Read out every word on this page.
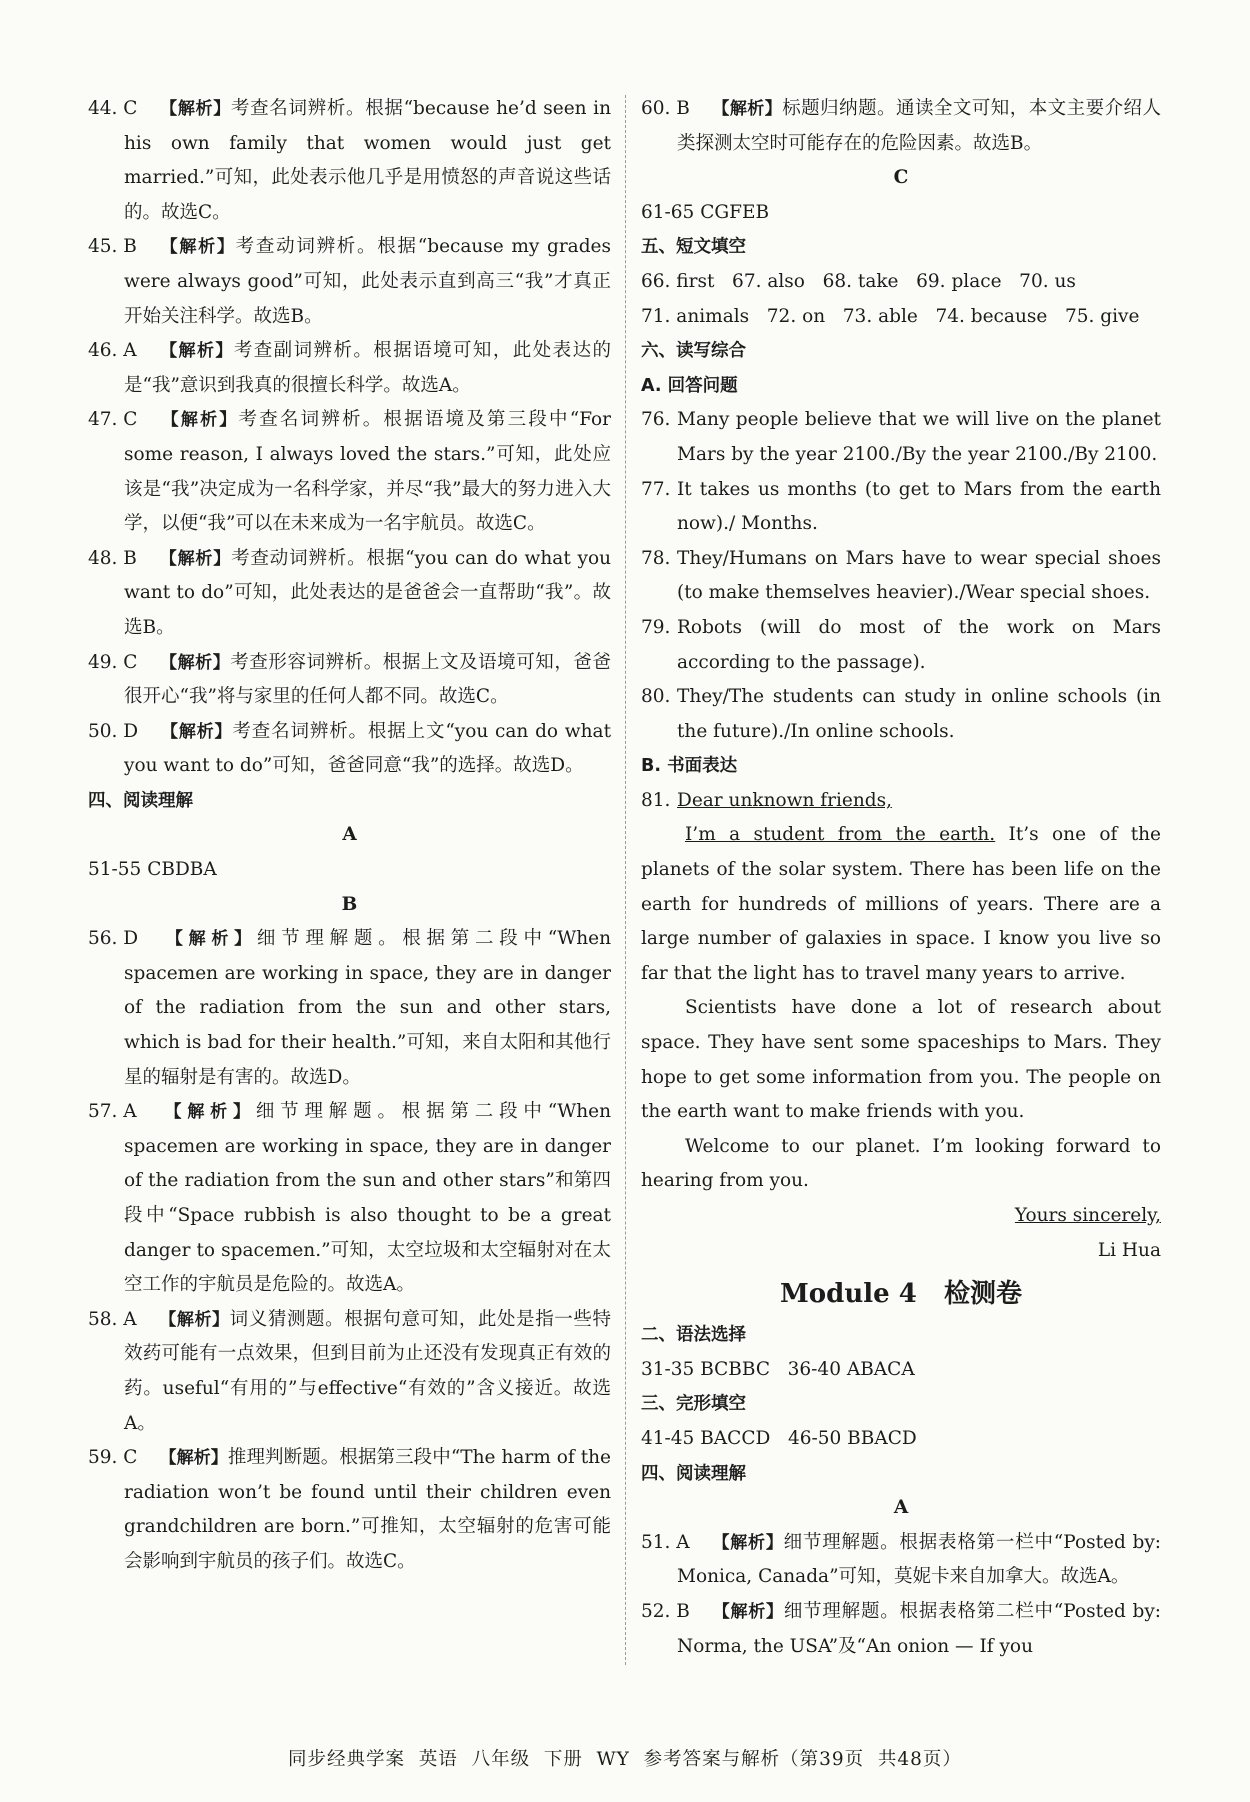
44. C 【解析】考查名词辨析。根据“because he’d seen in his own family that women would just get married.”可知，此处表示他几乎是用愤怒的声音说这些话的。故选C。
45. B 【解析】考查动词辨析。根据“because my grades were always good”可知，此处表示直到高三“我”才真正开始关注科学。故选B。
46. A 【解析】考查副词辨析。根据语境可知，此处表达的是“我”意识到我真的很擅长科学。故选A。
47. C 【解析】考查名词辨析。根据语境及第三段中“For some reason, I always loved the stars.”可知，此处应该是“我”决定成为一名科学家，并尽“我”最大的努力进入大学，以便“我”可以在未来成为一名宇航员。故选C。
48. B 【解析】考查动词辨析。根据“you can do what you want to do”可知，此处表达的是爸爸会一直帮助“我”。故选B。
49. C 【解析】考查形容词辨析。根据上文及语境可知，爸爸很开心“我”将与家里的任何人都不同。故选C。
50. D 【解析】考查名词辨析。根据上文“you can do what you want to do”可知，爸爸同意“我”的选择。故选D。
四、阅读理解
A
51-55 CBDBA
B
56. D 【解析】细节理解题。根据第二段中“When spacemen are working in space, they are in danger of the radiation from the sun and other stars, which is bad for their health.”可知，来自太阳和其他行星的辐射是有害的。故选D。
57. A 【解析】细节理解题。根据第二段中“When spacemen are working in space, they are in danger of the radiation from the sun and other stars”和第四段中“Space rubbish is also thought to be a great danger to spacemen.”可知，太空垃圾和太空辐射对在太空工作的宇航员是危险的。故选A。
58. A 【解析】词义猜测题。根据句意可知，此处是指一些特效药可能有一点效果，但到目前为止还没有发现真正有效的药。useful“有用的”与effective“有效的”含义接近。故选A。
59. C 【解析】推理判断题。根据第三段中“The harm of the radiation won’t be found until their children even grandchildren are born.”可推知，太空辐射的危害可能会影响到宇航员的孩子们。故选C。
60. B 【解析】标题归纳题。通读全文可知，本文主要介绍人类探测太空时可能存在的危险因素。故选B。
C
61-65 CGFEB
五、短文填空
66. first   67. also   68. take   69. place   70. us
71. animals   72. on   73. able   74. because   75. give
六、读写综合
A. 回答问题
76. Many people believe that we will live on the planet Mars by the year 2100./By the year 2100./By 2100.
77. It takes us months (to get to Mars from the earth now)./ Months.
78. They/Humans on Mars have to wear special shoes (to make themselves heavier)./Wear special shoes.
79. Robots (will do most of the work on Mars according to the passage).
80. They/The students can study in online schools (in the future)./In online schools.
B. 书面表达
81. Dear unknown friends,
I’m a student from the earth. It’s one of the planets of the solar system. There has been life on the earth for hundreds of millions of years. There are a large number of galaxies in space. I know you live so far that the light has to travel many years to arrive.
Scientists have done a lot of research about space. They have sent some spaceships to Mars. They hope to get some information from you. The people on the earth want to make friends with you.
Welcome to our planet. I’m looking forward to hearing from you.
Yours sincerely,
Li Hua
Module 4   检测卷
二、语法选择
31-35 BCBBC   36-40 ABACA
三、完形填空
41-45 BACCD   46-50 BBACD
四、阅读理解
A
51. A 【解析】细节理解题。根据表格第一栏中“Posted by: Monica, Canada”可知，莫妮卡来自加拿大。故选A。
52. B 【解析】细节理解题。根据表格第二栏中“Posted by: Norma, the USA”及“An onion — If you
同步经典学案  英语  八年级  下册  WY  参考答案与解析（第39页  共48页）
